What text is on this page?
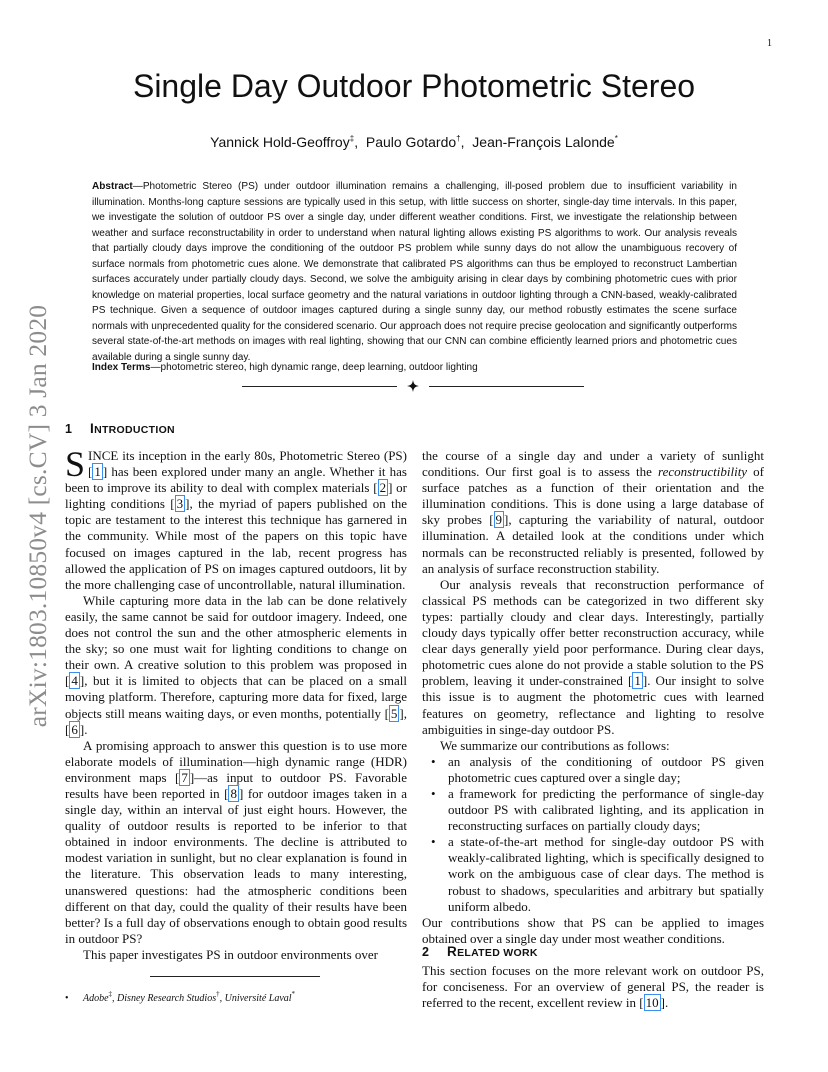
1
arXiv:1803.10850v4 [cs.CV] 3 Jan 2020
Single Day Outdoor Photometric Stereo
Yannick Hold-Geoffroy‡,  Paulo Gotardo†,  Jean-François Lalonde*

Abstract—Photometric Stereo (PS) under outdoor illumination remains a challenging, ill-posed problem due to insufficient variability in illumination. Months-long capture sessions are typically used in this setup, with little success on shorter, single-day time intervals. In this paper, we investigate the solution of outdoor PS over a single day, under different weather conditions. First, we investigate the relationship between weather and surface reconstructability in order to understand when natural lighting allows existing PS algorithms to work. Our analysis reveals that partially cloudy days improve the conditioning of the outdoor PS problem while sunny days do not allow the unambiguous recovery of surface normals from photometric cues alone. We demonstrate that calibrated PS algorithms can thus be employed to reconstruct Lambertian surfaces accurately under partially cloudy days. Second, we solve the ambiguity arising in clear days by combining photometric cues with prior knowledge on material properties, local surface geometry and the natural variations in outdoor lighting through a CNN-based, weakly-calibrated PS technique. Given a sequence of outdoor images captured during a single sunny day, our method robustly estimates the scene surface normals with unprecedented quality for the considered scenario. Our approach does not require precise geolocation and significantly outperforms several state-of-the-art methods on images with real lighting, showing that our CNN can combine efficiently learned priors and photometric cues available during a single sunny day.

Index Terms—photometric stereo, high dynamic range, deep learning, outdoor lighting

1 INTRODUCTION

SINCE its inception in the early 80s, Photometric Stereo (PS) [ 1 ] has been explored under many an angle. Whether it has been to improve its ability to deal with complex materials [ 2 ] or lighting conditions [ 3 ], the myriad of papers published on the topic are testament to the interest this technique has garnered in the community. While most of the papers on this topic have focused on images captured in the lab, recent progress has allowed the application of PS on images captured outdoors, lit by the more challenging case of uncontrollable, natural illumination.

While capturing more data in the lab can be done relatively easily, the same cannot be said for outdoor imagery. Indeed, one does not control the sun and the other atmospheric elements in the sky; so one must wait for lighting conditions to change on their own. A creative solution to this problem was proposed in [ 4 ], but it is limited to objects that can be placed on a small moving platform. Therefore, capturing more data for fixed, large objects still means waiting days, or even months, potentially [ 5 ], [ 6 ].

A promising approach to answer this question is to use more elaborate models of illumination—high dynamic range (HDR) environment maps [ 7 ]—as input to outdoor PS. Favorable results have been reported in [ 8 ] for outdoor images taken in a single day, within an interval of just eight hours. However, the quality of outdoor results is reported to be inferior to that obtained in indoor environments. The decline is attributed to modest variation in sunlight, but no clear explanation is found in the literature. This observation leads to many interesting, unanswered questions: had the atmospheric conditions been different on that day, could the quality of their results have been better? Is a full day of observations enough to obtain good results in outdoor PS?

This paper investigates PS in outdoor environments over

the course of a single day and under a variety of sunlight conditions. Our first goal is to assess the reconstructibility of surface patches as a function of their orientation and the illumination conditions. This is done using a large database of sky probes [ 9 ], capturing the variability of natural, outdoor illumination. A detailed look at the conditions under which normals can be reconstructed reliably is presented, followed by an analysis of surface reconstruction stability.

Our analysis reveals that reconstruction performance of classical PS methods can be categorized in two different sky types: partially cloudy and clear days. Interestingly, partially cloudy days typically offer better reconstruction accuracy, while clear days generally yield poor performance. During clear days, photometric cues alone do not provide a stable solution to the PS problem, leaving it under-constrained [ 1 ]. Our insight to solve this issue is to augment the photometric cues with learned features on geometry, reflectance and lighting to resolve ambiguities in singe-day outdoor PS.

We summarize our contributions as follows:

• an analysis of the conditioning of outdoor PS given photometric cues captured over a single day;
• a framework for predicting the performance of single-day outdoor PS with calibrated lighting, and its application in reconstructing surfaces on partially cloudy days;
• a state-of-the-art method for single-day outdoor PS with weakly-calibrated lighting, which is specifically designed to work on the ambiguous case of clear days. The method is robust to shadows, specularities and arbitrary but spatially uniform albedo.

Our contributions show that PS can be applied to images obtained over a single day under most weather conditions.

2 RELATED WORK

This section focuses on the more relevant work on outdoor PS, for conciseness. For an overview of general PS, the reader is referred to the recent, excellent review in [ 10 ].

• Adobe‡, Disney Research Studios†, Université Laval*
